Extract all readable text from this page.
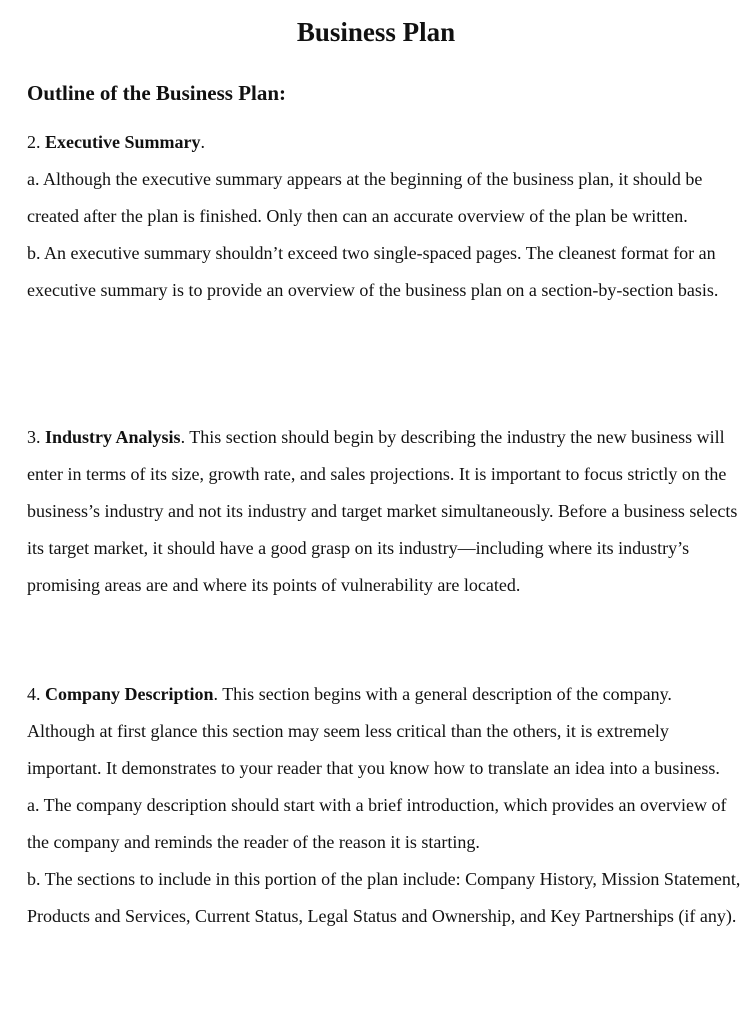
Business Plan
Outline of the Business Plan:

2. Executive Summary.

a. Although the executive summary appears at the beginning of the business plan, it should be created after the plan is finished. Only then can an accurate overview of the plan be written.

b. An executive summary shouldn’t exceed two single-spaced pages. The cleanest format for an executive summary is to provide an overview of the business plan on a section-by-section basis.

3. Industry Analysis. This section should begin by describing the industry the new business will enter in terms of its size, growth rate, and sales projections. It is important to focus strictly on the business’s industry and not its industry and target market simultaneously. Before a business selects its target market, it should have a good grasp on its industry—including where its industry’s promising areas are and where its points of vulnerability are located.

4. Company Description. This section begins with a general description of the company. Although at first glance this section may seem less critical than the others, it is extremely important. It demonstrates to your reader that you know how to translate an idea into a business.

a. The company description should start with a brief introduction, which provides an overview of the company and reminds the reader of the reason it is starting.

b. The sections to include in this portion of the plan include: Company History, Mission Statement, Products and Services, Current Status, Legal Status and Ownership, and Key Partnerships (if any).
